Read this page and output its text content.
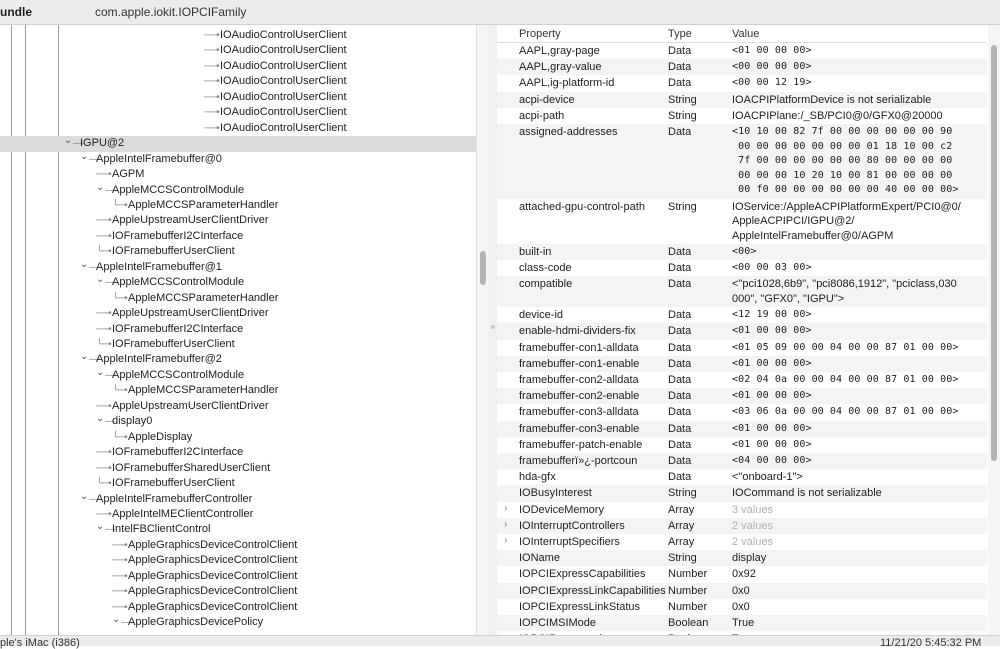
undle	com.apple.iokit.IOPCIFamily
──• IOAudioControlUserClient
──• IOAudioControlUserClient
──• IOAudioControlUserClient
──• IOAudioControlUserClient
──• IOAudioControlUserClient
──• IOAudioControlUserClient
──• IOAudioControlUserClient
⌄ —
IGPU@2
⌄ —
AppleIntelFramebuffer@0
──• AGPM
⌄ —
AppleMCCSControlModule
└─• AppleMCCSParameterHandler
──• AppleUpstreamUserClientDriver
──• IOFramebufferI2CInterface
└─• IOFramebufferUserClient
⌄ —
AppleIntelFramebuffer@1
⌄ —
AppleMCCSControlModule
└─• AppleMCCSParameterHandler
──• AppleUpstreamUserClientDriver
──• IOFramebufferI2CInterface
└─• IOFramebufferUserClient
⌄ —
AppleIntelFramebuffer@2
⌄ —
AppleMCCSControlModule
└─• AppleMCCSParameterHandler
──• AppleUpstreamUserClientDriver
⌄ —
display0
└─• AppleDisplay
──• IOFramebufferI2CInterface
──• IOFramebufferSharedUserClient
└─• IOFramebufferUserClient
⌄ —
AppleIntelFramebufferController
──• AppleIntelMEClientController
⌄ —
IntelFBClientControl
──• AppleGraphicsDeviceControlClient
──• AppleGraphicsDeviceControlClient
──• AppleGraphicsDeviceControlClient
──• AppleGraphicsDeviceControlClient
──• AppleGraphicsDeviceControlClient
⌄ —
AppleGraphicsDevicePolicy
Property	Type	Value
AAPL,gray-page	Data	<01 00 00 00>
AAPL,gray-value	Data	<00 00 00 00>
AAPL,ig-platform-id	Data	<00 00 12 19>
acpi-device	String	IOACPIPlatformDevice is not serializable
acpi-path	String	IOACPIPlane:/_SB/PCI0@0/GFX0@20000
assigned-addresses	Data	<10 10 00 82 7f 00 00 00 00 00 00 90
00 00 00 00 00 00 00 01 18 10 00 c2
7f 00 00 00 00 00 00 80 00 00 00 00
00 00 00 10 20 10 00 81 00 00 00 00
00 f0 00 00 00 00 00 00 40 00 00 00>
attached-gpu-control-path String	IOService:/AppleACPIPlatformExpert/PCI0@0/
AppleACPIPCI/IGPU@2/
AppleIntelFramebuffer@0/AGPM
built-in	Data	<00>
class-code	Data	<00 00 03 00>
compatible	Data	<"pci1028,6b9", "pci8086,1912", "pciclass,030
000", "GFX0", "IGPU">
device-id	Data	<12 19 00 00>
enable-hdmi-dividers-fix	Data	<01 00 00 00>
framebuffer-con1-alldata	Data	<01 05 09 00 00 04 00 00 87 01 00 00>
framebuffer-con1-enable	Data	<01 00 00 00>
framebuffer-con2-alldata	Data	<02 04 0a 00 00 04 00 00 87 01 00 00>
framebuffer-con2-enable	Data	<01 00 00 00>
framebuffer-con3-alldata	Data	<03 06 0a 00 00 04 00 00 87 01 00 00>
framebuffer-con3-enable	Data	<01 00 00 00>
framebuffer-patch-enable Data	<01 00 00 00>
framebufferï»¿-portcoun	Data	<04 00 00 00>
hda-gfx	Data	<"onboard-1">
IOBusyInterest	String	IOCommand is not serializable
› IODeviceMemory	Array	3 values
› IOInterruptControllers	Array	2 values
› IOInterruptSpecifiers	Array	2 values
IOName	String	display
IOPCIExpressCapabilities Number 0x92
IOPCIExpressLinkCapabilities Number 0x0
IOPCIExpressLinkStatus	Number 0x0
IOPCIMSIMode	Boolean True
ple's iMac (i386)	11/21/20 5:45:32 PM
